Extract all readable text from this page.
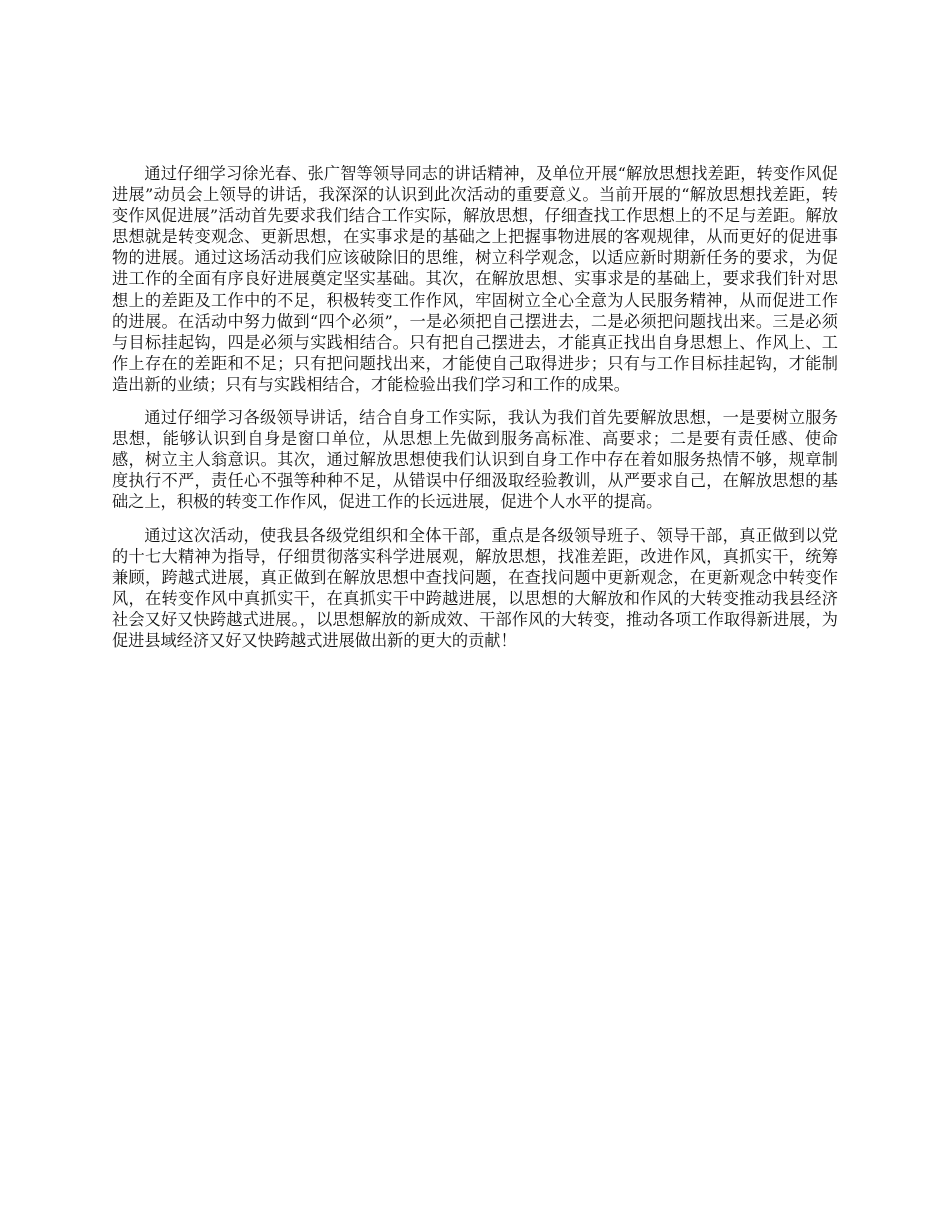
通过仔细学习徐光春、张广智等领导同志的讲话精神，及单位开展“解放思想找差距，转变作风促进展”动员会上领导的讲话，我深深的认识到此次活动的重要意义。当前开展的“解放思想找差距，转变作风促进展”活动首先要求我们结合工作实际，解放思想，仔细查找工作思想上的不足与差距。解放思想就是转变观念、更新思想，在实事求是的基础之上把握事物进展的客观规律，从而更好的促进事物的进展。通过这场活动我们应该破除旧的思维，树立科学观念，以适应新时期新任务的要求，为促进工作的全面有序良好进展奠定坚实基础。其次，在解放思想、实事求是的基础上，要求我们针对思想上的差距及工作中的不足，积极转变工作作风，牢固树立全心全意为人民服务精神，从而促进工作的进展。在活动中努力做到“四个必须”，一是必须把自己摆进去，二是必须把问题找出来。三是必须与目标挂起钩，四是必须与实践相结合。只有把自己摆进去，才能真正找出自身思想上、作风上、工作上存在的差距和不足；只有把问题找出来，才能使自己取得进步；只有与工作目标挂起钩，才能制造出新的业绩；只有与实践相结合，才能检验出我们学习和工作的成果。

通过仔细学习各级领导讲话，结合自身工作实际，我认为我们首先要解放思想，一是要树立服务思想，能够认识到自身是窗口单位，从思想上先做到服务高标准、高要求；二是要有责任感、使命感，树立主人翁意识。其次，通过解放思想使我们认识到自身工作中存在着如服务热情不够，规章制度执行不严，责任心不强等种种不足，从错误中仔细汲取经验教训，从严要求自己，在解放思想的基础之上，积极的转变工作作风，促进工作的长远进展，促进个人水平的提高。

通过这次活动，使我县各级党组织和全体干部，重点是各级领导班子、领导干部，真正做到以党的十七大精神为指导，仔细贯彻落实科学进展观，解放思想，找准差距，改进作风，真抓实干，统筹兼顾，跨越式进展，真正做到在解放思想中查找问题，在查找问题中更新观念，在更新观念中转变作风，在转变作风中真抓实干，在真抓实干中跨越进展，以思想的大解放和作风的大转变推动我县经济社会又好又快跨越式进展。，以思想解放的新成效、干部作风的大转变，推动各项工作取得新进展，为促进县域经济又好又快跨越式进展做出新的更大的贡献！
